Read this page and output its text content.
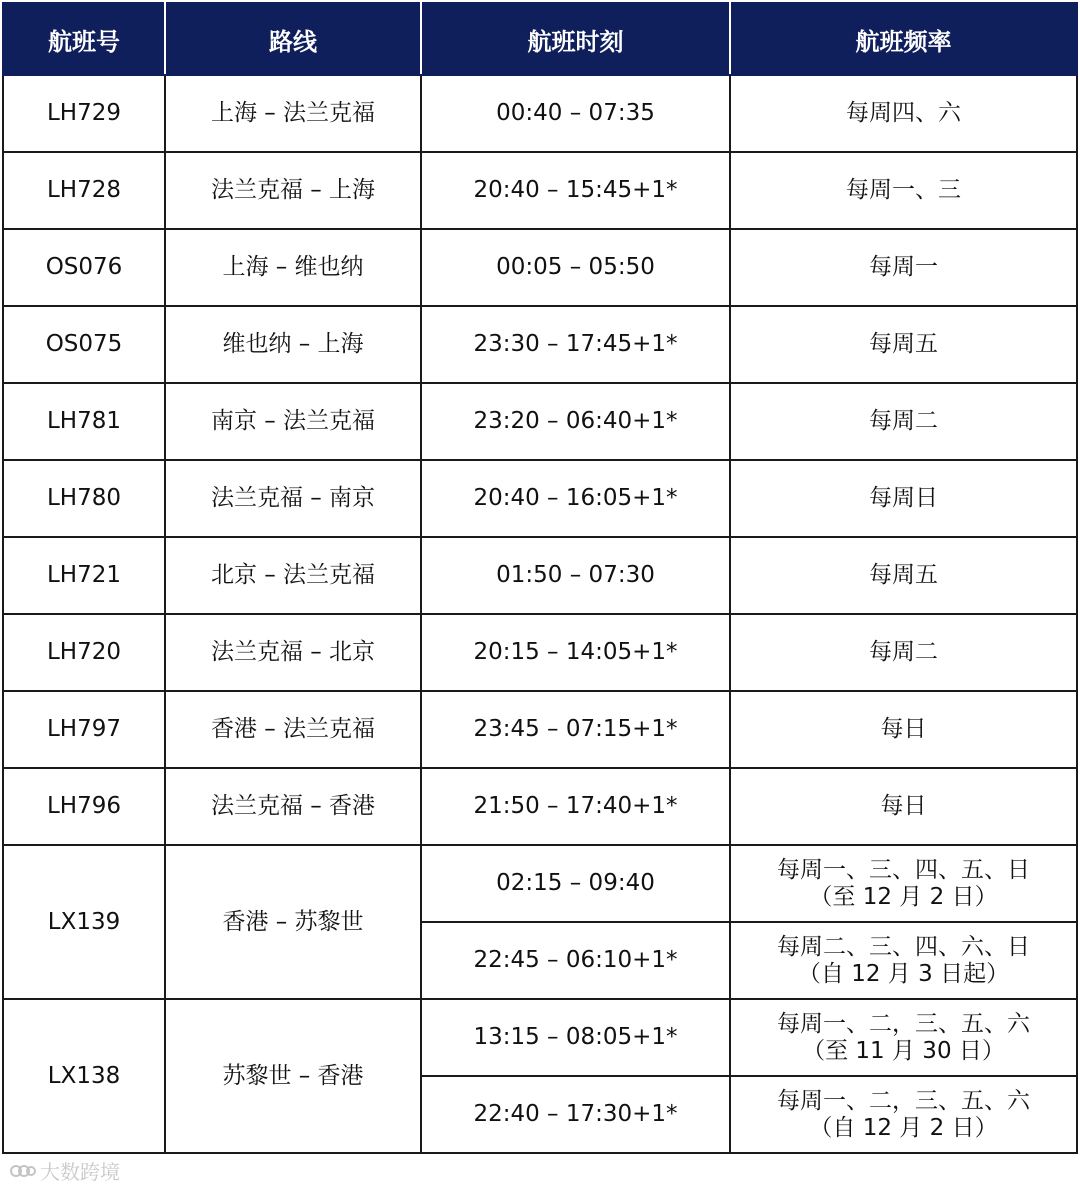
航班号	路线	航班时刻	航班频率
LH729	上海 – 法兰克福	00:40 – 07:35	每周四、六
LH728	法兰克福 – 上海	20:40 – 15:45+1*	每周一、三
OS076	上海 – 维也纳	00:05 – 05:50	每周一
OS075	维也纳 – 上海	23:30 – 17:45+1*	每周五
LH781	南京 – 法兰克福	23:20 – 06:40+1*	每周二
LH780	法兰克福 – 南京	20:40 – 16:05+1*	每周日
LH721	北京 – 法兰克福	01:50 – 07:30	每周五
LH720	法兰克福 – 北京	20:15 – 14:05+1*	每周二
LH797	香港 – 法兰克福	23:45 – 07:15+1*	每日
LH796	法兰克福 – 香港	21:50 – 17:40+1*	每日
LX139	香港 – 苏黎世	02:15 – 09:40	每周一、三、四、五、日
（至 12 月 2 日）

		22:45 – 06:10+1*	每周二、三、四、六、日
（自 12 月 3 日起）

LX138	苏黎世 – 香港	13:15 – 08:05+1*	每周一、二，三、五、六
（至 11 月 30 日）

		22:40 – 17:30+1*	每周一、二，三、五、六
（自 12 月 2 日）
大数跨境
